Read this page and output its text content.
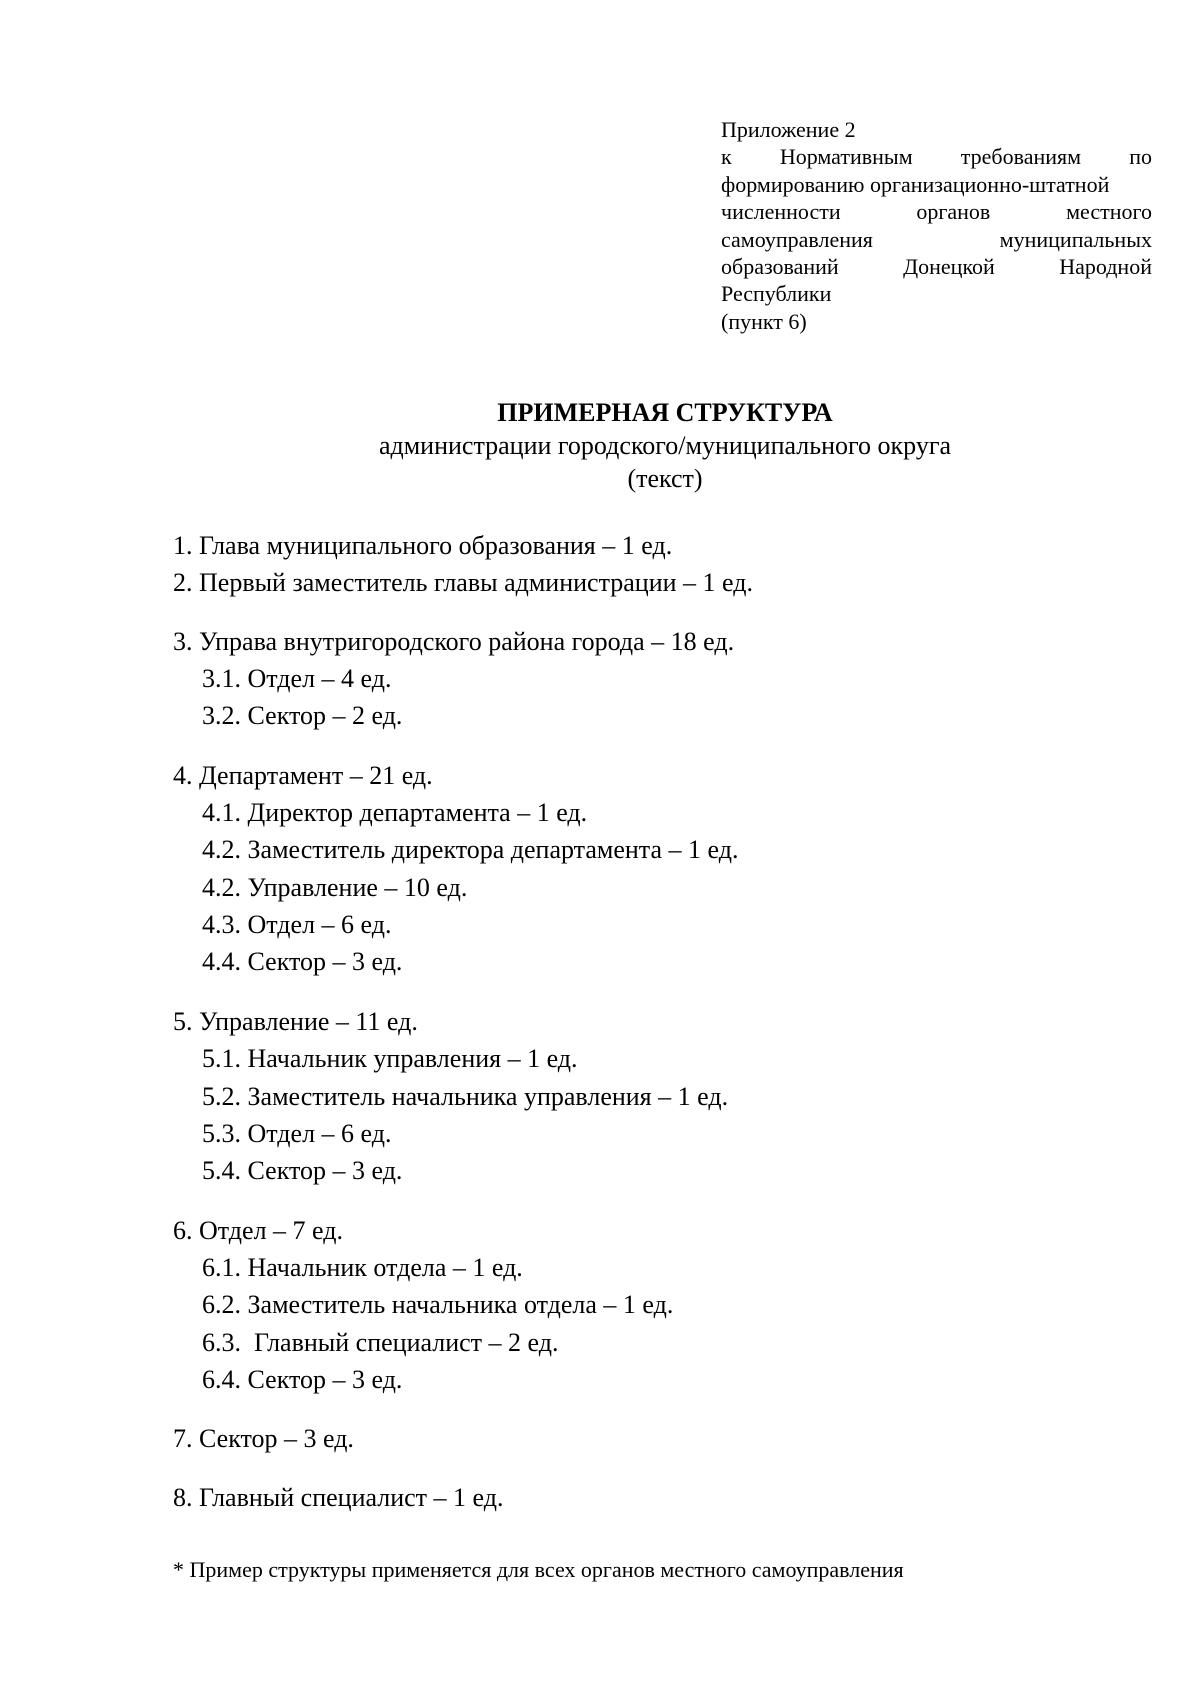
Приложение 2
к Нормативным требованиям по
формированию организационно-штатной
численности	органов	местного
самоуправления	муниципальных
образований	Донецкой	Народной
Республики
(пункт 6)
ПРИМЕРНАЯ СТРУКТУРА
администрации городского/муниципального округа
(текст)
1. Глава муниципального образования – 1 ед.
2. Первый заместитель главы администрации – 1 ед.
3. Управа внутригородского района города – 18 ед.
3.1. Отдел – 4 ед.
3.2. Сектор – 2 ед.
4. Департамент – 21 ед.
4.1. Директор департамента – 1 ед.
4.2. Заместитель директора департамента – 1 ед.
4.2. Управление – 10 ед.
4.3. Отдел – 6 ед.
4.4. Сектор – 3 ед.
5. Управление – 11 ед.
5.1. Начальник управления – 1 ед.
5.2. Заместитель начальника управления – 1 ед.
5.3. Отдел – 6 ед.
5.4. Сектор – 3 ед.
6. Отдел – 7 ед.
6.1. Начальник отдела – 1 ед.
6.2. Заместитель начальника отдела – 1 ед.
6.3.  Главный специалист – 2 ед.
6.4. Сектор – 3 ед.
7. Сектор – 3 ед.
8. Главный специалист – 1 ед.
* Пример структуры применяется для всех органов местного самоуправления
